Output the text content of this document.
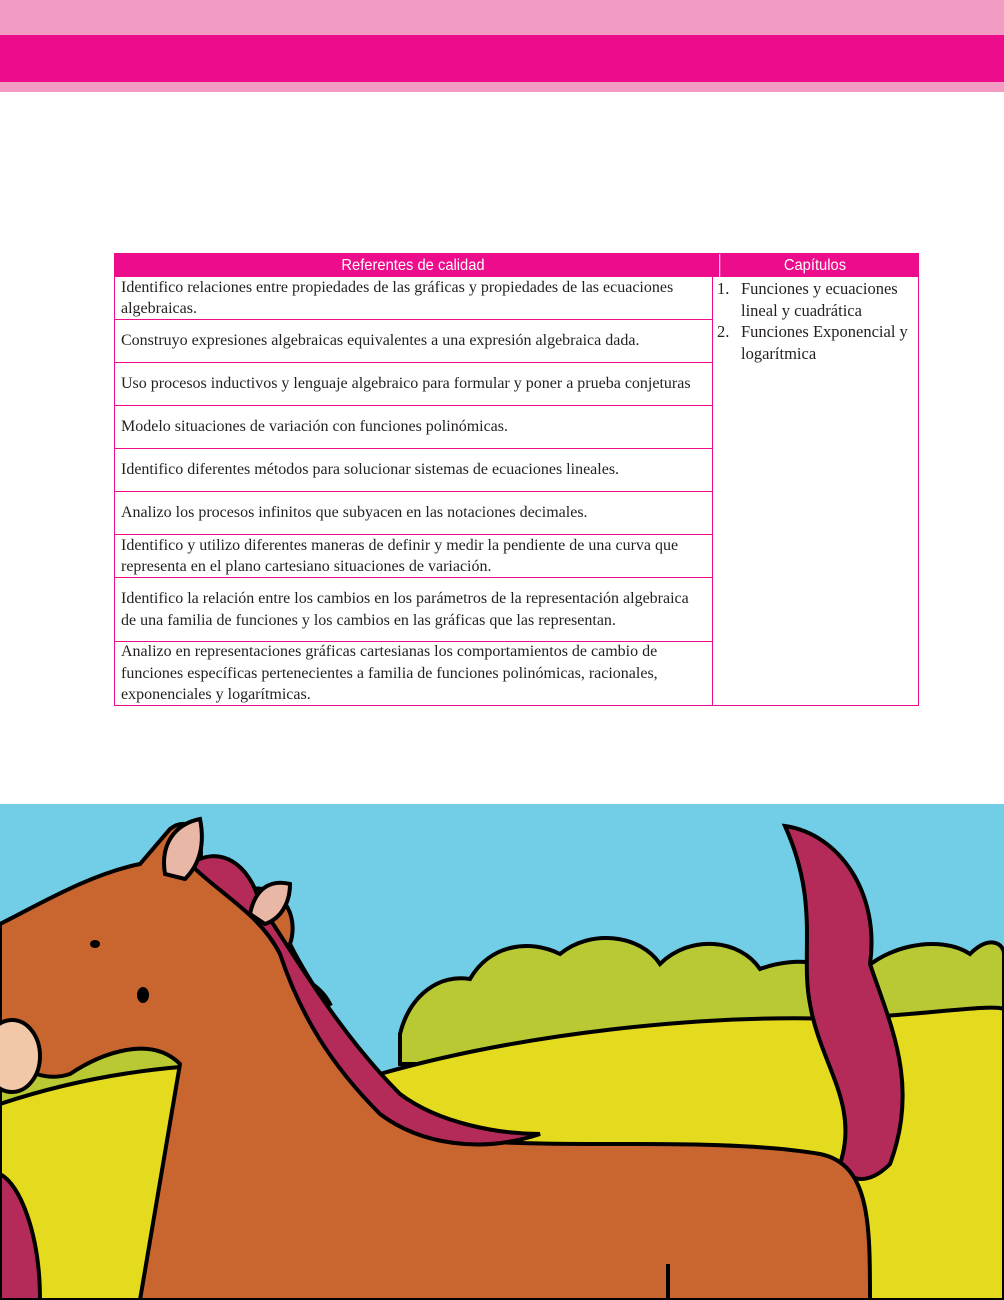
Referentes de calidad	Capítulos
Identifico relaciones entre propiedades de las gráficas y propiedades de las ecuaciones algebraicas.
Construyo expresiones algebraicas equivalentes a una expresión algebraica dada.
Uso procesos inductivos y lenguaje algebraico para formular y poner a prueba conjeturas
Modelo situaciones de variación con funciones polinómicas.
Identifico diferentes métodos para solucionar sistemas de ecuaciones lineales.
Analizo los procesos infinitos que subyacen en las notaciones decimales.
Identifico y utilizo diferentes maneras de definir y medir la pendiente de una curva que representa en el plano cartesiano situaciones de variación.
Identifico la relación entre los cambios en los parámetros de la representación algebraica de una familia de funciones y los cambios en las gráficas que las representan.
Analizo en representaciones gráficas cartesianas los comportamientos de cambio de funciones específicas pertenecientes a familia de funciones polinómicas, racionales, exponenciales y logarítmicas.
1. Funciones y ecuaciones lineal y cuadrática
2. Funciones Exponencial y logarítmica
